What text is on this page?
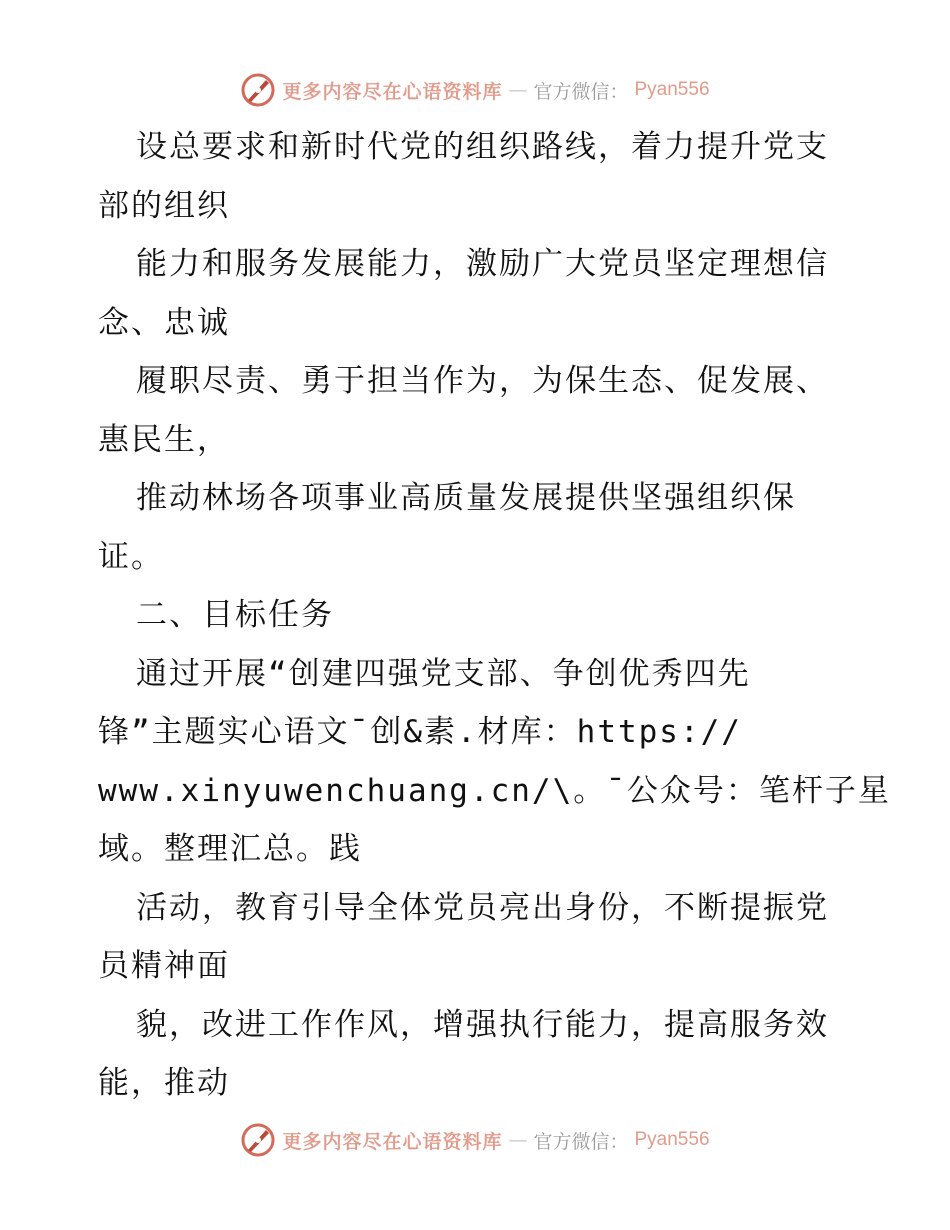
更多内容尽在心语资料库 — 官方微信： Pyan556
设总要求和新时代党的组织路线，着力提升党支
部的组织
能力和服务发展能力，激励广大党员坚定理想信
念、忠诚
履职尽责、勇于担当作为，为保生态、促发展、
惠民生，
推动林场各项事业高质量发展提供坚强组织保
证。
二、目标任务
通过开展“创建四强党支部、争创优秀四先
锋”主题实心语文¯创&素.材库：https://
www.xinyuwenchuang.cn/\。¯公众号：笔杆子星
域。整理汇总。践
活动，教育引导全体党员亮出身份，不断提振党
员精神面
貌，改进工作作风，增强执行能力，提高服务效
能，推动
更多内容尽在心语资料库 — 官方微信： Pyan556
